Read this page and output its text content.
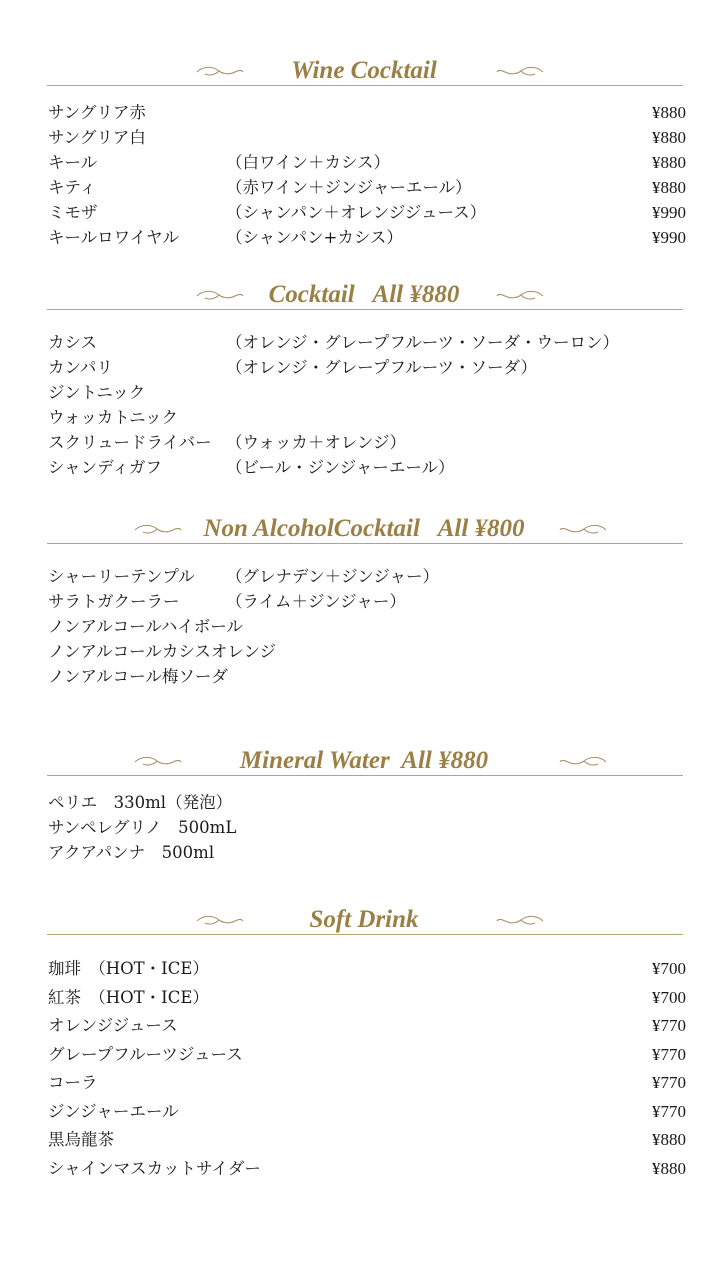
Wine Cocktail
サングリア赤	¥880
サングリア白	¥880
キール	（白ワイン＋カシス）	¥880
キティ	（赤ワイン＋ジンジャーエール）	¥880
ミモザ	（シャンパン＋オレンジジュース）	¥990
キールロワイヤル	（シャンパン+カシス）	¥990
Cocktail   All ¥880
カシス	（オレンジ・グレープフルーツ・ソーダ・ウーロン）
カンパリ	（オレンジ・グレープフルーツ・ソーダ）
ジントニック
ウォッカトニック
スクリュードライバー （ウォッカ＋オレンジ）
シャンディガフ	（ビール・ジンジャーエール）
Non AlcoholCocktail   All ¥800
シャーリーテンプル （グレナデン＋ジンジャー）
サラトガクーラー	（ライム＋ジンジャー）
ノンアルコールハイボール
ノンアルコールカシスオレンジ
ノンアルコール梅ソーダ
Mineral Water  All ¥880
ペリエ　330ml（発泡）
サンペレグリノ　500mL
アクアパンナ　500ml
Soft Drink
珈琲　（HOT・ICE）	¥700
紅茶　（HOT・ICE）	¥700
オレンジジュース	¥770
グレープフルーツジュース	¥770
コーラ	¥770
ジンジャーエール	¥770
黒烏龍茶	¥880
シャインマスカットサイダー	¥880
